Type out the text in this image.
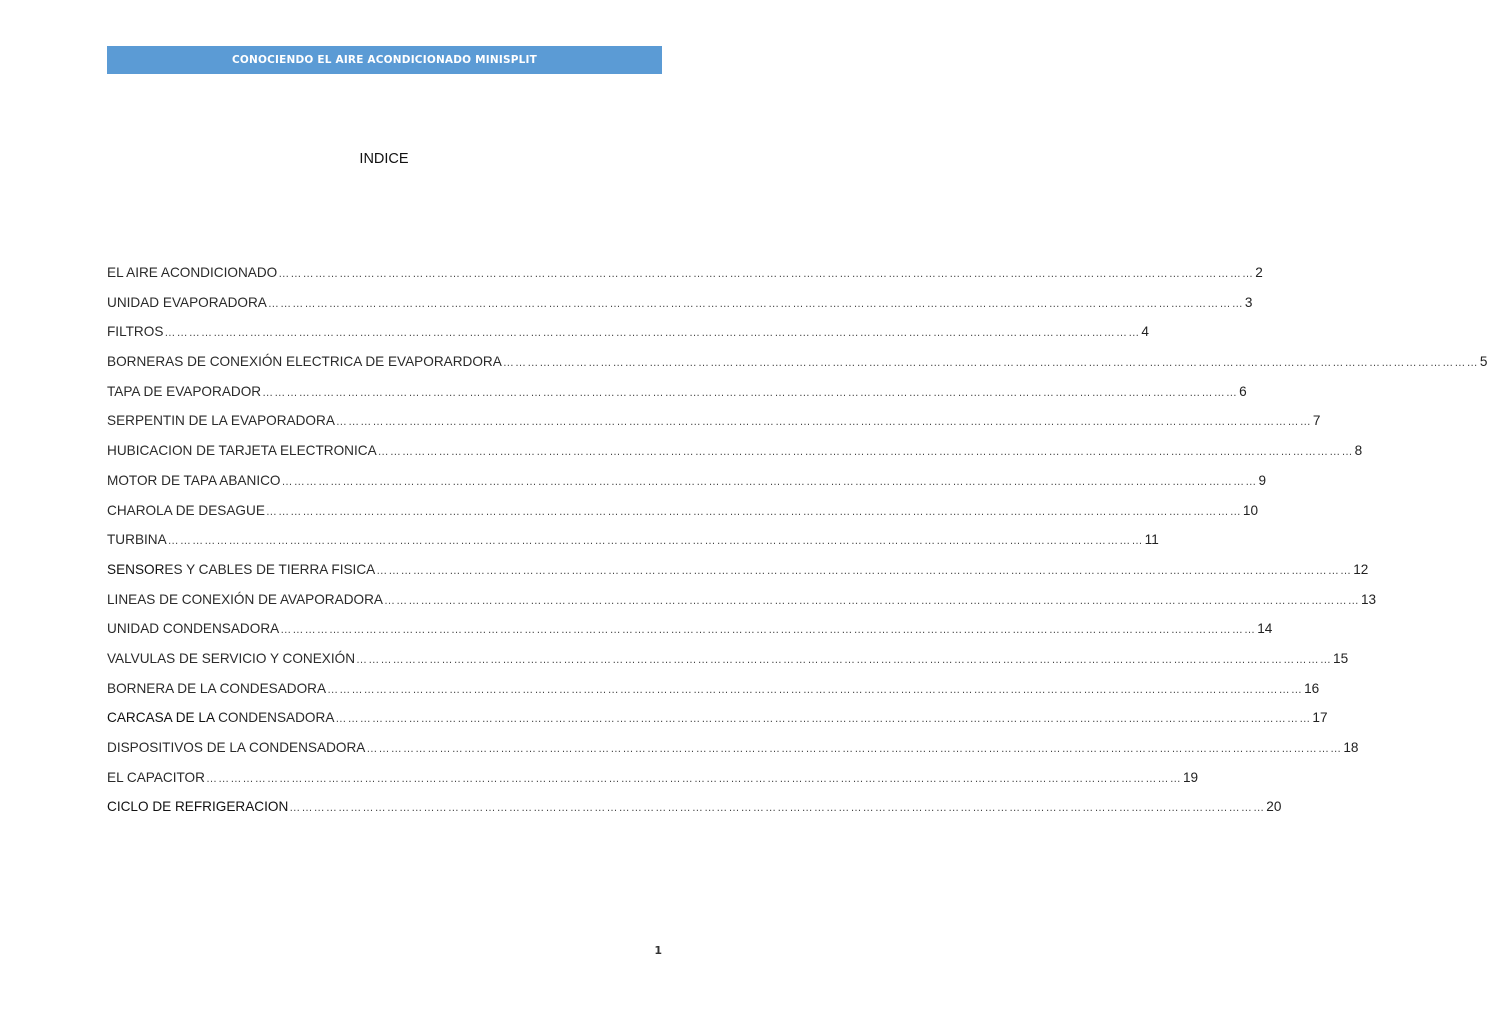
CONOCIENDO EL AIRE ACONDICIONADO MINISPLIT
INDICE
EL AIRE ACONDICIONADO …………………………………………………………………………………………………………………………………………………………………………………………………………………… 2
UNIDAD EVAPORADORA …………………………………………………………………………………………………………………………………………………………………………………………………………………… 3
FILTROS …………………………………………………………………………………………………………………………………………………………………………………………………………………… 4
BORNERAS DE CONEXIÓN ELECTRICA DE EVAPORARDORA …………………………………………………………………………………………………………………………………………………………………………………………………………………… 5
TAPA DE EVAPORADOR …………………………………………………………………………………………………………………………………………………………………………………………………………………… 6
SERPENTIN DE LA EVAPORADORA …………………………………………………………………………………………………………………………………………………………………………………………………………………… 7
HUBICACION DE TARJETA ELECTRONICA …………………………………………………………………………………………………………………………………………………………………………………………………………………… 8
MOTOR DE TAPA ABANICO …………………………………………………………………………………………………………………………………………………………………………………………………………………… 9
CHAROLA DE DESAGUE …………………………………………………………………………………………………………………………………………………………………………………………………………………… 10
TURBINA …………………………………………………………………………………………………………………………………………………………………………………………………………………… 11
SENSORES Y CABLES DE TIERRA FISICA …………………………………………………………………………………………………………………………………………………………………………………………………………………… 12
LINEAS DE CONEXIÓN DE AVAPORADORA …………………………………………………………………………………………………………………………………………………………………………………………………………………… 13
UNIDAD CONDENSADORA …………………………………………………………………………………………………………………………………………………………………………………………………………………… 14
VALVULAS DE SERVICIO Y CONEXIÓN …………………………………………………………………………………………………………………………………………………………………………………………………………………… 15
BORNERA DE LA CONDESADORA …………………………………………………………………………………………………………………………………………………………………………………………………………………… 16
CARCASA DE LA CONDENSADORA …………………………………………………………………………………………………………………………………………………………………………………………………………………… 17
DISPOSITIVOS DE LA CONDENSADORA …………………………………………………………………………………………………………………………………………………………………………………………………………………… 18
EL CAPACITOR …………………………………………………………………………………………………………………………………………………………………………………………………………………… 19
CICLO DE REFRIGERACION …………………………………………………………………………………………………………………………………………………………………………………………………………………… 20
1
